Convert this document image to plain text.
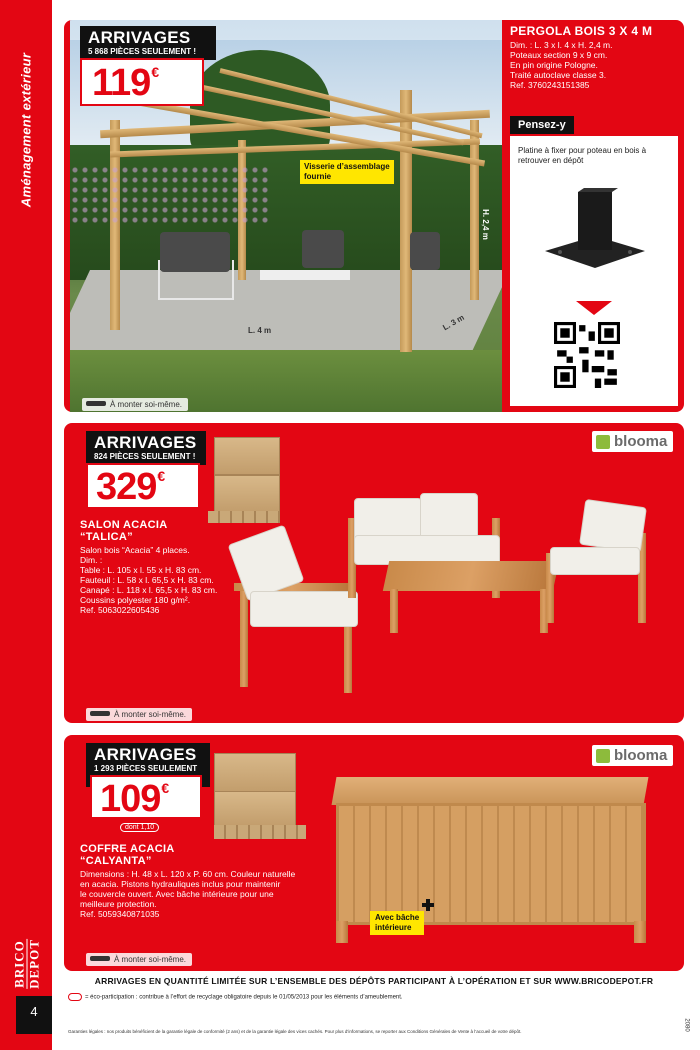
Aménagement extérieur
BRICO DEPOT
4
Visserie d’assemblage
fournie
L. 4 m	L. 3 m
H. 2,4 m
À monter soi-même.
ARRIVAGES
5 868 PIÈCES SEULEMENT !
119€
PERGOLA BOIS 3 X 4 M
Dim. : L. 3 x l. 4 x H. 2,4 m.
Poteaux section 9 x 9 cm.
En pin origine Pologne.
Traité autoclave classe 3.
Ref. 3760243151385
Pensez-y
Platine à fixer pour poteau en bois à retrouver en dépôt
ARRIVAGES
824 PIÈCES SEULEMENT !
329€
SALON ACACIA
“TALICA”
Salon bois “Acacia” 4 places.
Dim. :
Table : L. 105 x l. 55 x H. 83 cm.
Fauteuil : L. 58 x l. 65,5 x H. 83 cm.
Canapé : L. 118 x l. 65,5 x H. 83 cm.
Coussins polyester 180 g/m².
Ref. 5063022605436
blooma
À monter soi-même.
ARRIVAGES
1 293 PIÈCES SEULEMENT
109€
dont 1,10
COFFRE ACACIA
“CALYANTA”
Dimensions : H. 48 x L. 120 x P. 60 cm. Couleur naturelle
en acacia. Pistons hydrauliques inclus pour maintenir
le couvercle ouvert. Avec bâche intérieure pour une
meilleure protection.
Ref. 5059340871035
blooma
Avec bâche
intérieure
À monter soi-même.
ARRIVAGES EN QUANTITÉ LIMITÉE SUR L’ENSEMBLE DES DÉPÔTS PARTICIPANT À L’OPÉRATION ET SUR WWW.BRICODEPOT.FR
= éco-participation : contribue à l’effort de recyclage obligatoire depuis le 01/05/2013 pour les éléments d’ameublement.
Garanties légales : nos produits bénéficient de la garantie légale de conformité (2 ans) et de la garantie légale des vices cachés. Pour plus d’informations, se reporter aux Conditions Générales de Vente à l’accueil de votre dépôt.	2080
